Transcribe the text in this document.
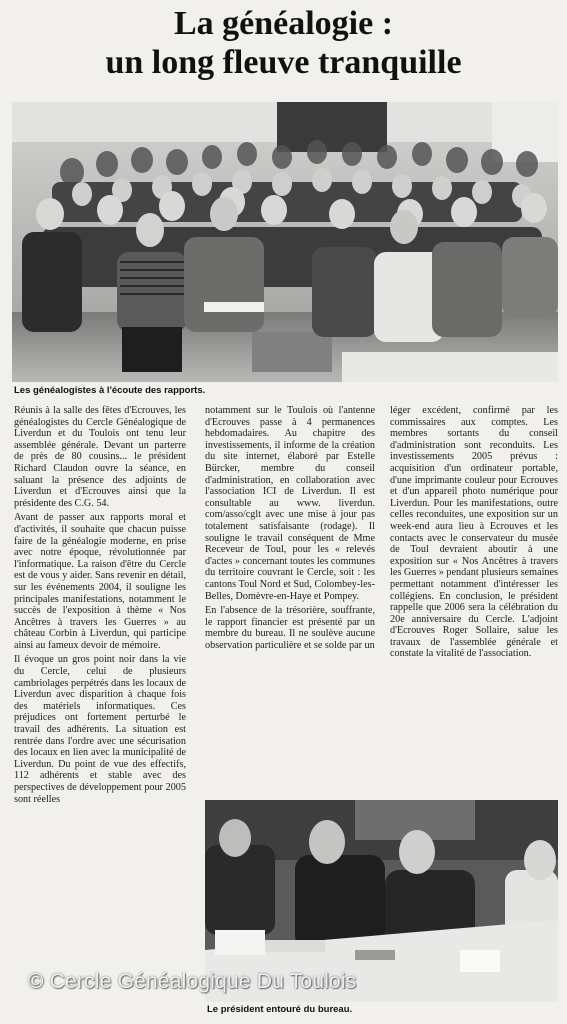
La généalogie :
un long fleuve tranquille
Les généalogistes à l'écoute des rapports.

Réunis à la salle des fêtes d'Ecrouves, les généalogistes du Cercle Généalogique de Liverdun et du Toulois ont tenu leur assemblée générale. Devant un parterre de près de 80 cousins... le président Richard Claudon ouvre la séance, en saluant la présence des adjoints de Liverdun et d'Ecrouves ainsi que la présidente des C.G. 54.

Avant de passer aux rapports moral et d'activités, il souhaite que chacun puisse faire de la généalogie moderne, en prise avec notre époque, révolutionnée par l'informatique. La raison d'être du Cercle est de vous y aider. Sans revenir en détail, sur les événements 2004, il souligne les principales manifestations, notamment le succès de l'exposition à thème « Nos Ancêtres à travers les Guerres » au château Corbin à Liverdun, qui participe ainsi au fameux devoir de mémoire.

Il évoque un gros point noir dans la vie du Cercle, celui de plusieurs cambriolages perpétrés dans les locaux de Liverdun avec disparition à chaque fois des matériels informatiques. Ces préjudices ont fortement perturbé le travail des adhérents. La situation est rentrée dans l'ordre avec une sécurisation des locaux en lien avec la municipalité de Liverdun. Du point de vue des effectifs, 112 adhérents et stable avec des perspectives de développement pour 2005 sont réelles

notamment sur le Toulois où l'antenne d'Ecrouves passe à 4 permanences hebdomadaires. Au chapitre des investissements, il informe de la création du site internet, élaboré par Estelle Bürcker, membre du conseil d'administration, en collaboration avec l'association ICI de Liverdun. Il est consultable au www. liverdun. com/asso/cglt avec une mise à jour pas totalement satisfaisante (rodage). Il souligne le travail conséquent de Mme Receveur de Toul, pour les « relevés d'actes » concernant toutes les communes du territoire couvrant le Cercle, soit : les cantons Toul Nord et Sud, Colombey-les-Belles, Domèvre-en-Haye et Pompey.

En l'absence de la trésorière, souffrante, le rapport financier est présenté par un membre du bureau. Il ne soulève aucune observation particulière et se solde par un

léger excédent, confirmé par les commissaires aux comptes. Les membres sortants du conseil d'administration sont reconduits. Les investissements 2005 prévus : acquisition d'un ordinateur portable, d'une imprimante couleur pour Ecrouves et d'un appareil photo numérique pour Liverdun. Pour les manifestations, outre celles reconduites, une exposition sur un week-end aura lieu à Ecrouves et les contacts avec le conservateur du musée de Toul devraient aboutir à une exposition sur « Nos Ancêtres à travers les Guerres » pendant plusieurs semaines permettant notamment d'intéresser les collégiens. En conclusion, le président rappelle que 2006 sera la célébration du 20e anniversaire du Cercle. L'adjoint d'Ecrouves Roger Sollaire, salue les travaux de l'assemblée générale et constate la vitalité de l'association.

Le président entouré du bureau.
© Cercle Généalogique Du Toulois
